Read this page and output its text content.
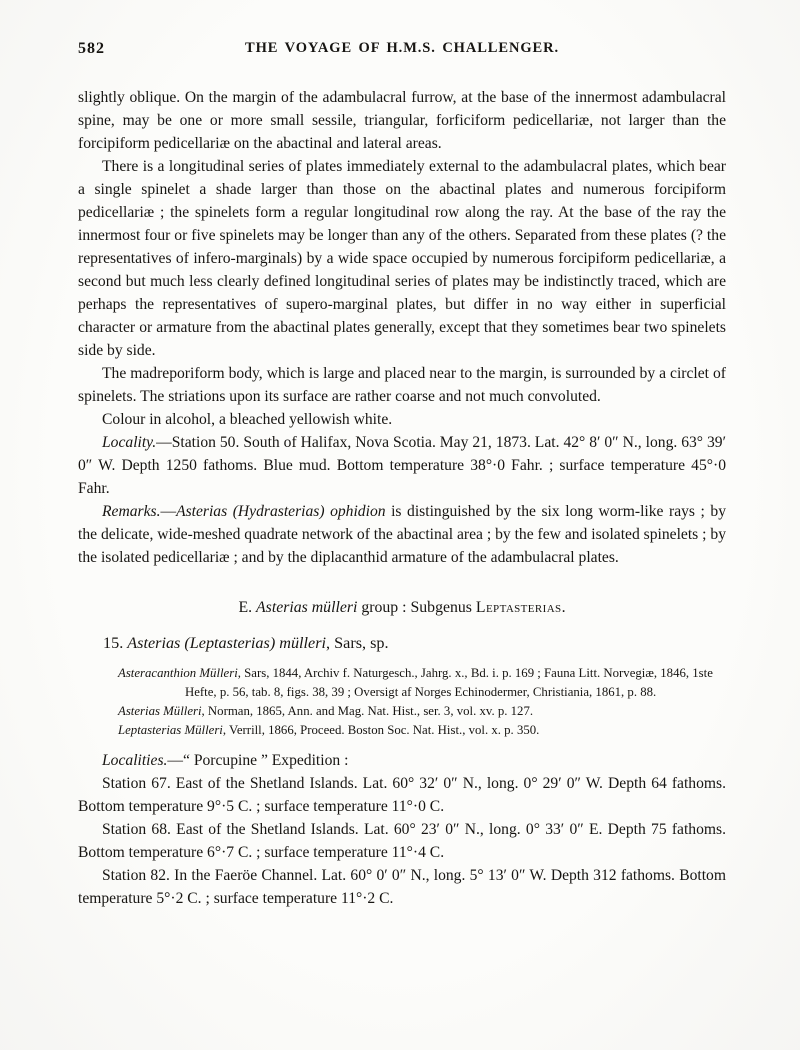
582	THE VOYAGE OF H.M.S. CHALLENGER.

slightly oblique. On the margin of the adambulacral furrow, at the base of the innermost adambulacral spine, may be one or more small sessile, triangular, forficiform pedicellariæ, not larger than the forcipiform pedicellariæ on the abactinal and lateral areas.

There is a longitudinal series of plates immediately external to the adambulacral plates, which bear a single spinelet a shade larger than those on the abactinal plates and numerous forcipiform pedicellariæ ; the spinelets form a regular longitudinal row along the ray. At the base of the ray the innermost four or five spinelets may be longer than any of the others. Separated from these plates (? the representatives of infero-marginals) by a wide space occupied by numerous forcipiform pedicellariæ, a second but much less clearly defined longitudinal series of plates may be indistinctly traced, which are perhaps the representatives of supero-marginal plates, but differ in no way either in superficial character or armature from the abactinal plates generally, except that they sometimes bear two spinelets side by side.

The madreporiform body, which is large and placed near to the margin, is surrounded by a circlet of spinelets. The striations upon its surface are rather coarse and not much convoluted.

Colour in alcohol, a bleached yellowish white.

Locality.—Station 50. South of Halifax, Nova Scotia. May 21, 1873. Lat. 42° 8′ 0″ N., long. 63° 39′ 0″ W. Depth 1250 fathoms. Blue mud. Bottom temperature 38°·0 Fahr. ; surface temperature 45°·0 Fahr.

Remarks.—Asterias (Hydrasterias) ophidion is distinguished by the six long worm-like rays ; by the delicate, wide-meshed quadrate network of the abactinal area ; by the few and isolated spinelets ; by the isolated pedicellariæ ; and by the diplacanthid armature of the adambulacral plates.

E. Asterias mülleri group : Subgenus Leptasterias.
15. Asterias (Leptasterias) mülleri, Sars, sp.

Asteracanthion Mülleri, Sars, 1844, Archiv f. Naturgesch., Jahrg. x., Bd. i. p. 169 ; Fauna Litt. Norvegiæ, 1846, 1ste Hefte, p. 56, tab. 8, figs. 38, 39 ; Oversigt af Norges Echinodermer, Christiania, 1861, p. 88.

Asterias Mülleri, Norman, 1865, Ann. and Mag. Nat. Hist., ser. 3, vol. xv. p. 127.

Leptasterias Mülleri, Verrill, 1866, Proceed. Boston Soc. Nat. Hist., vol. x. p. 350.

Localities.—“ Porcupine ” Expedition :

Station 67. East of the Shetland Islands. Lat. 60° 32′ 0″ N., long. 0° 29′ 0″ W. Depth 64 fathoms. Bottom temperature 9°·5 C. ; surface temperature 11°·0 C.

Station 68. East of the Shetland Islands. Lat. 60° 23′ 0″ N., long. 0° 33′ 0″ E. Depth 75 fathoms. Bottom temperature 6°·7 C. ; surface temperature 11°·4 C.

Station 82. In the Faeröe Channel. Lat. 60° 0′ 0″ N., long. 5° 13′ 0″ W. Depth 312 fathoms. Bottom temperature 5°·2 C. ; surface temperature 11°·2 C.
